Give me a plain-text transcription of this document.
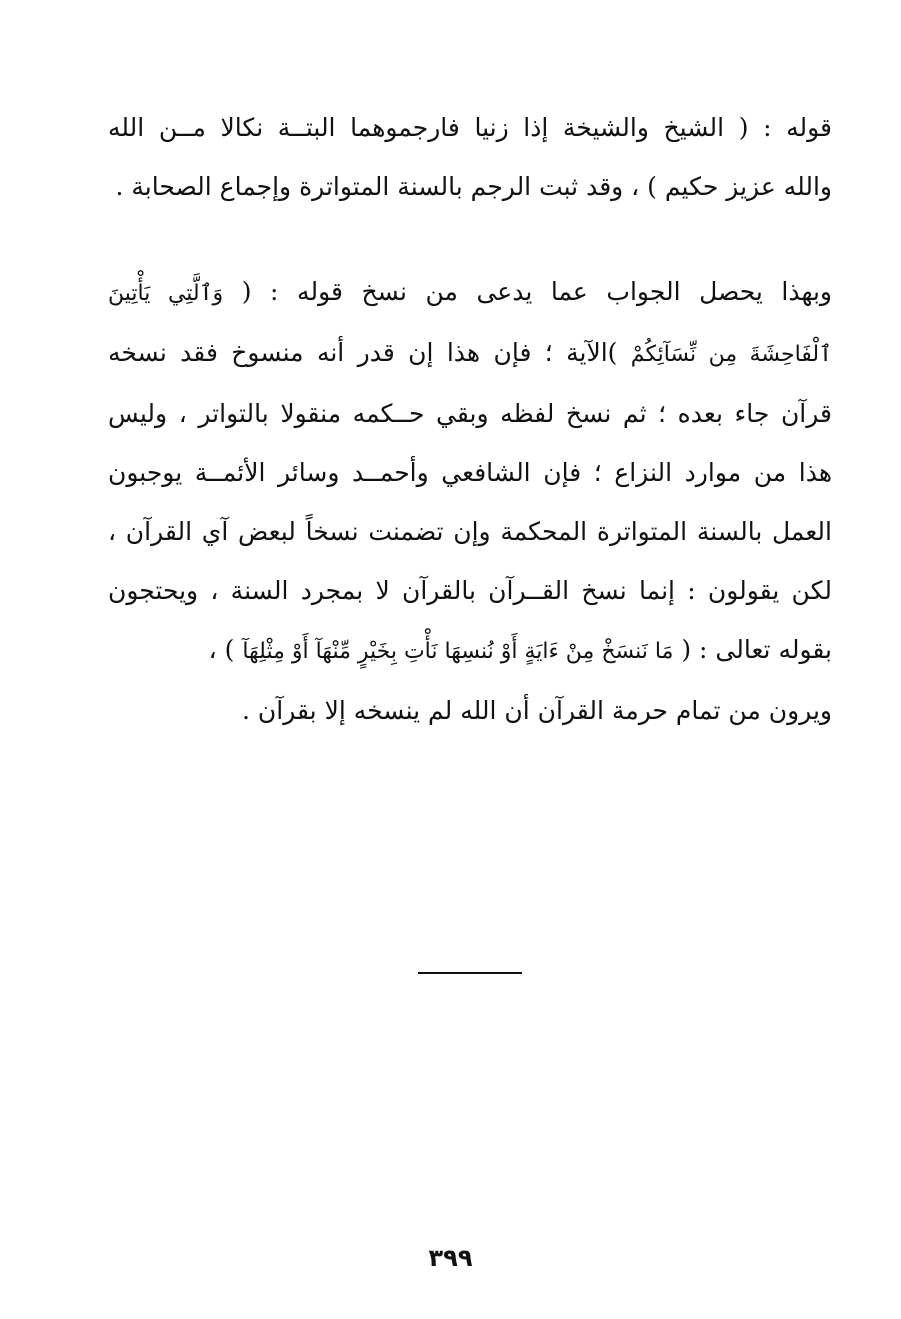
قوله : ( الشيخ والشيخة إذا زنيا فارجموهما البتــة نكالا مــن الله
والله عزيز حكيم ) ، وقد ثبت الرجم بالسنة المتواترة وإجماع الصحابة .
وبهذا يحصل الجواب عما يدعى من نسخ قوله : ( وَٱلَّتِي يَأْتِينَ
ٱلْفَاحِشَةَ مِن نِّسَآئِكُمْ )الآية ؛ فإن هذا إن قدر أنه منسوخ فقد نسخه
قرآن جاء بعده ؛ ثم نسخ لفظه وبقي حــكمه منقولا بالتواتر ، وليس
هذا من موارد النزاع ؛ فإن الشافعي وأحمــد وسائر الأئمــة يوجبون
العمل بالسنة المتواترة المحكمة وإن تضمنت نسخاً لبعض آي القرآن ،
لكن يقولون : إنما نسخ القــرآن بالقرآن لا بمجرد السنة ، ويحتجون
بقوله تعالى : ( مَا نَنسَخْ مِنْ ءَايَةٍ أَوْ نُنسِهَا نَأْتِ بِخَيْرٍ مِّنْهَآ أَوْ مِثْلِهَآ ) ،
ويرون من تمام حرمة القرآن أن الله لم ينسخه إلا بقرآن .
٣٩٩
